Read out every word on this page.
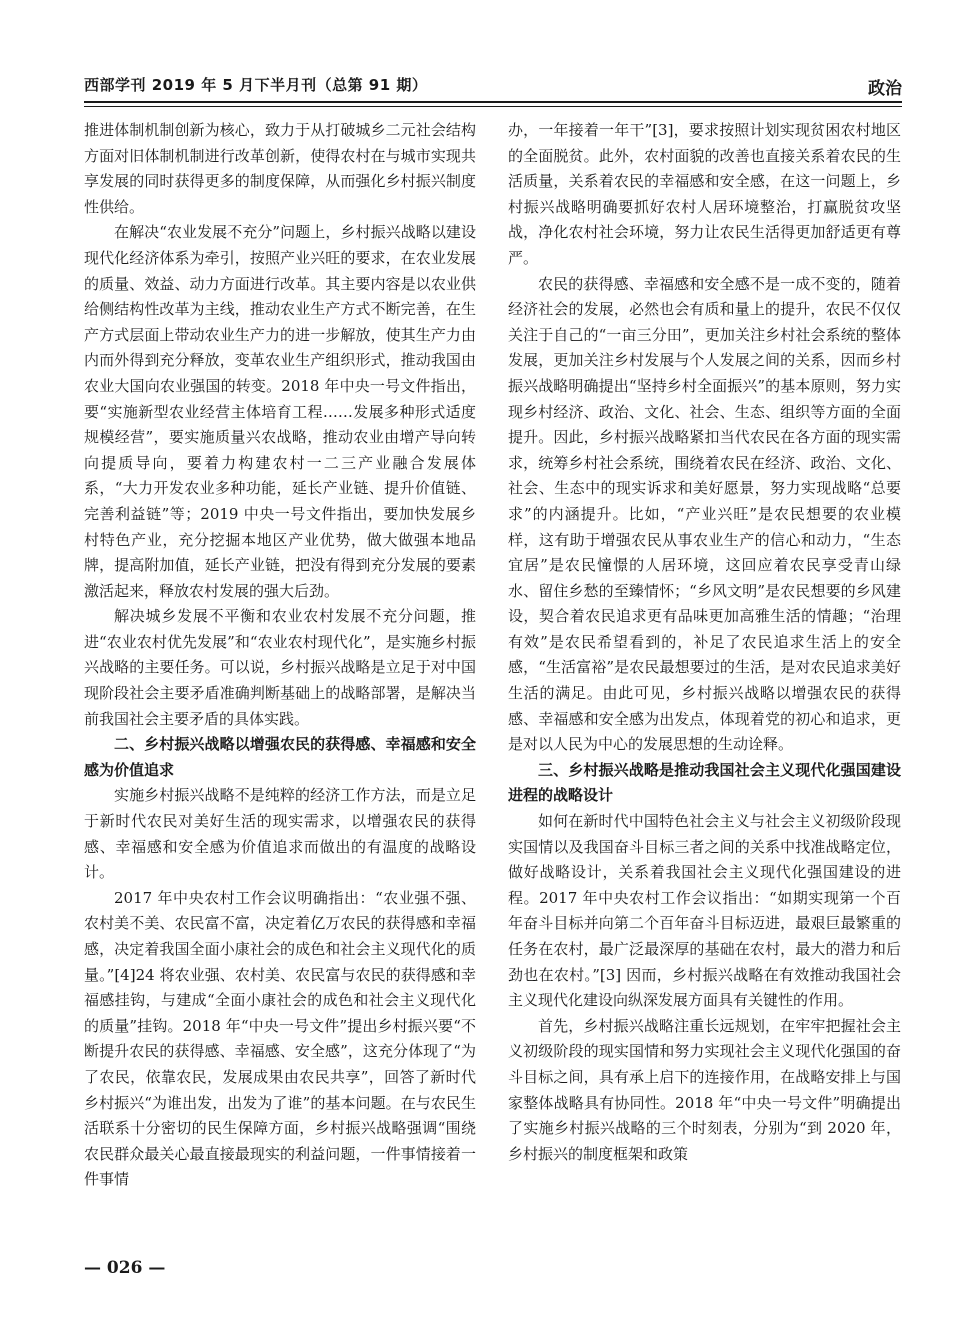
西部学刊 2019 年 5 月下半月刊（总第 91 期）	政治

推进体制机制创新为核心，致力于从打破城乡二元社会结构方面对旧体制机制进行改革创新，使得农村在与城市实现共享发展的同时获得更多的制度保障，从而强化乡村振兴制度性供给。

在解决“农业发展不充分”问题上，乡村振兴战略以建设现代化经济体系为牵引，按照产业兴旺的要求，在农业发展的质量、效益、动力方面进行改革。其主要内容是以农业供给侧结构性改革为主线，推动农业生产方式不断完善，在生产方式层面上带动农业生产力的进一步解放，使其生产力由内而外得到充分释放，变革农业生产组织形式，推动我国由农业大国向农业强国的转变。2018 年中央一号文件指出，要“实施新型农业经营主体培育工程……发展多种形式适度规模经营”，要实施质量兴农战略，推动农业由增产导向转向提质导向，要着力构建农村一二三产业融合发展体系，“大力开发农业多种功能，延长产业链、提升价值链、完善利益链”等；2019 中央一号文件指出，要加快发展乡村特色产业，充分挖掘本地区产业优势，做大做强本地品牌，提高附加值，延长产业链，把没有得到充分发展的要素激活起来，释放农村发展的强大后劲。

解决城乡发展不平衡和农业农村发展不充分问题，推进“农业农村优先发展”和“农业农村现代化”，是实施乡村振兴战略的主要任务。可以说，乡村振兴战略是立足于对中国现阶段社会主要矛盾准确判断基础上的战略部署，是解决当前我国社会主要矛盾的具体实践。

二、乡村振兴战略以增强农民的获得感、幸福感和安全感为价值追求

实施乡村振兴战略不是纯粹的经济工作方法，而是立足于新时代农民对美好生活的现实需求，以增强农民的获得感、幸福感和安全感为价值追求而做出的有温度的战略设计。

2017 年中央农村工作会议明确指出：“农业强不强、农村美不美、农民富不富，决定着亿万农民的获得感和幸福感，决定着我国全面小康社会的成色和社会主义现代化的质量。”[4]24 将农业强、农村美、农民富与农民的获得感和幸福感挂钩，与建成“全面小康社会的成色和社会主义现代化的质量”挂钩。2018 年“中央一号文件”提出乡村振兴要“不断提升农民的获得感、幸福感、安全感”，这充分体现了“为了农民，依靠农民，发展成果由农民共享”，回答了新时代乡村振兴“为谁出发，出发为了谁”的基本问题。在与农民生活联系十分密切的民生保障方面，乡村振兴战略强调“围绕农民群众最关心最直接最现实的利益问题，一件事情接着一件事情

办，一年接着一年干”[3]，要求按照计划实现贫困农村地区的全面脱贫。此外，农村面貌的改善也直接关系着农民的生活质量，关系着农民的幸福感和安全感，在这一问题上，乡村振兴战略明确要抓好农村人居环境整治，打赢脱贫攻坚战，净化农村社会环境，努力让农民生活得更加舒适更有尊严。

农民的获得感、幸福感和安全感不是一成不变的，随着经济社会的发展，必然也会有质和量上的提升，农民不仅仅关注于自己的“一亩三分田”，更加关注乡村社会系统的整体发展，更加关注乡村发展与个人发展之间的关系，因而乡村振兴战略明确提出“坚持乡村全面振兴”的基本原则，努力实现乡村经济、政治、文化、社会、生态、组织等方面的全面提升。因此，乡村振兴战略紧扣当代农民在各方面的现实需求，统筹乡村社会系统，围绕着农民在经济、政治、文化、社会、生态中的现实诉求和美好愿景，努力实现战略“总要求”的内涵提升。比如，“产业兴旺”是农民想要的农业模样，这有助于增强农民从事农业生产的信心和动力，“生态宜居”是农民憧憬的人居环境，这回应着农民享受青山绿水、留住乡愁的至臻情怀；“乡风文明”是农民想要的乡风建设，契合着农民追求更有品味更加高雅生活的情趣；“治理有效”是农民希望看到的，补足了农民追求生活上的安全感，“生活富裕”是农民最想要过的生活，是对农民追求美好生活的满足。由此可见，乡村振兴战略以增强农民的获得感、幸福感和安全感为出发点，体现着党的初心和追求，更是对以人民为中心的发展思想的生动诠释。

三、乡村振兴战略是推动我国社会主义现代化强国建设进程的战略设计

如何在新时代中国特色社会主义与社会主义初级阶段现实国情以及我国奋斗目标三者之间的关系中找准战略定位，做好战略设计，关系着我国社会主义现代化强国建设的进程。2017 年中央农村工作会议指出：“如期实现第一个百年奋斗目标并向第二个百年奋斗目标迈进，最艰巨最繁重的任务在农村，最广泛最深厚的基础在农村，最大的潜力和后劲也在农村。”[3] 因而，乡村振兴战略在有效推动我国社会主义现代化建设向纵深发展方面具有关键性的作用。

首先，乡村振兴战略注重长远规划，在牢牢把握社会主义初级阶段的现实国情和努力实现社会主义现代化强国的奋斗目标之间，具有承上启下的连接作用，在战略安排上与国家整体战略具有协同性。2018 年“中央一号文件”明确提出了实施乡村振兴战略的三个时刻表，分别为“到 2020 年，乡村振兴的制度框架和政策

— 026 —
